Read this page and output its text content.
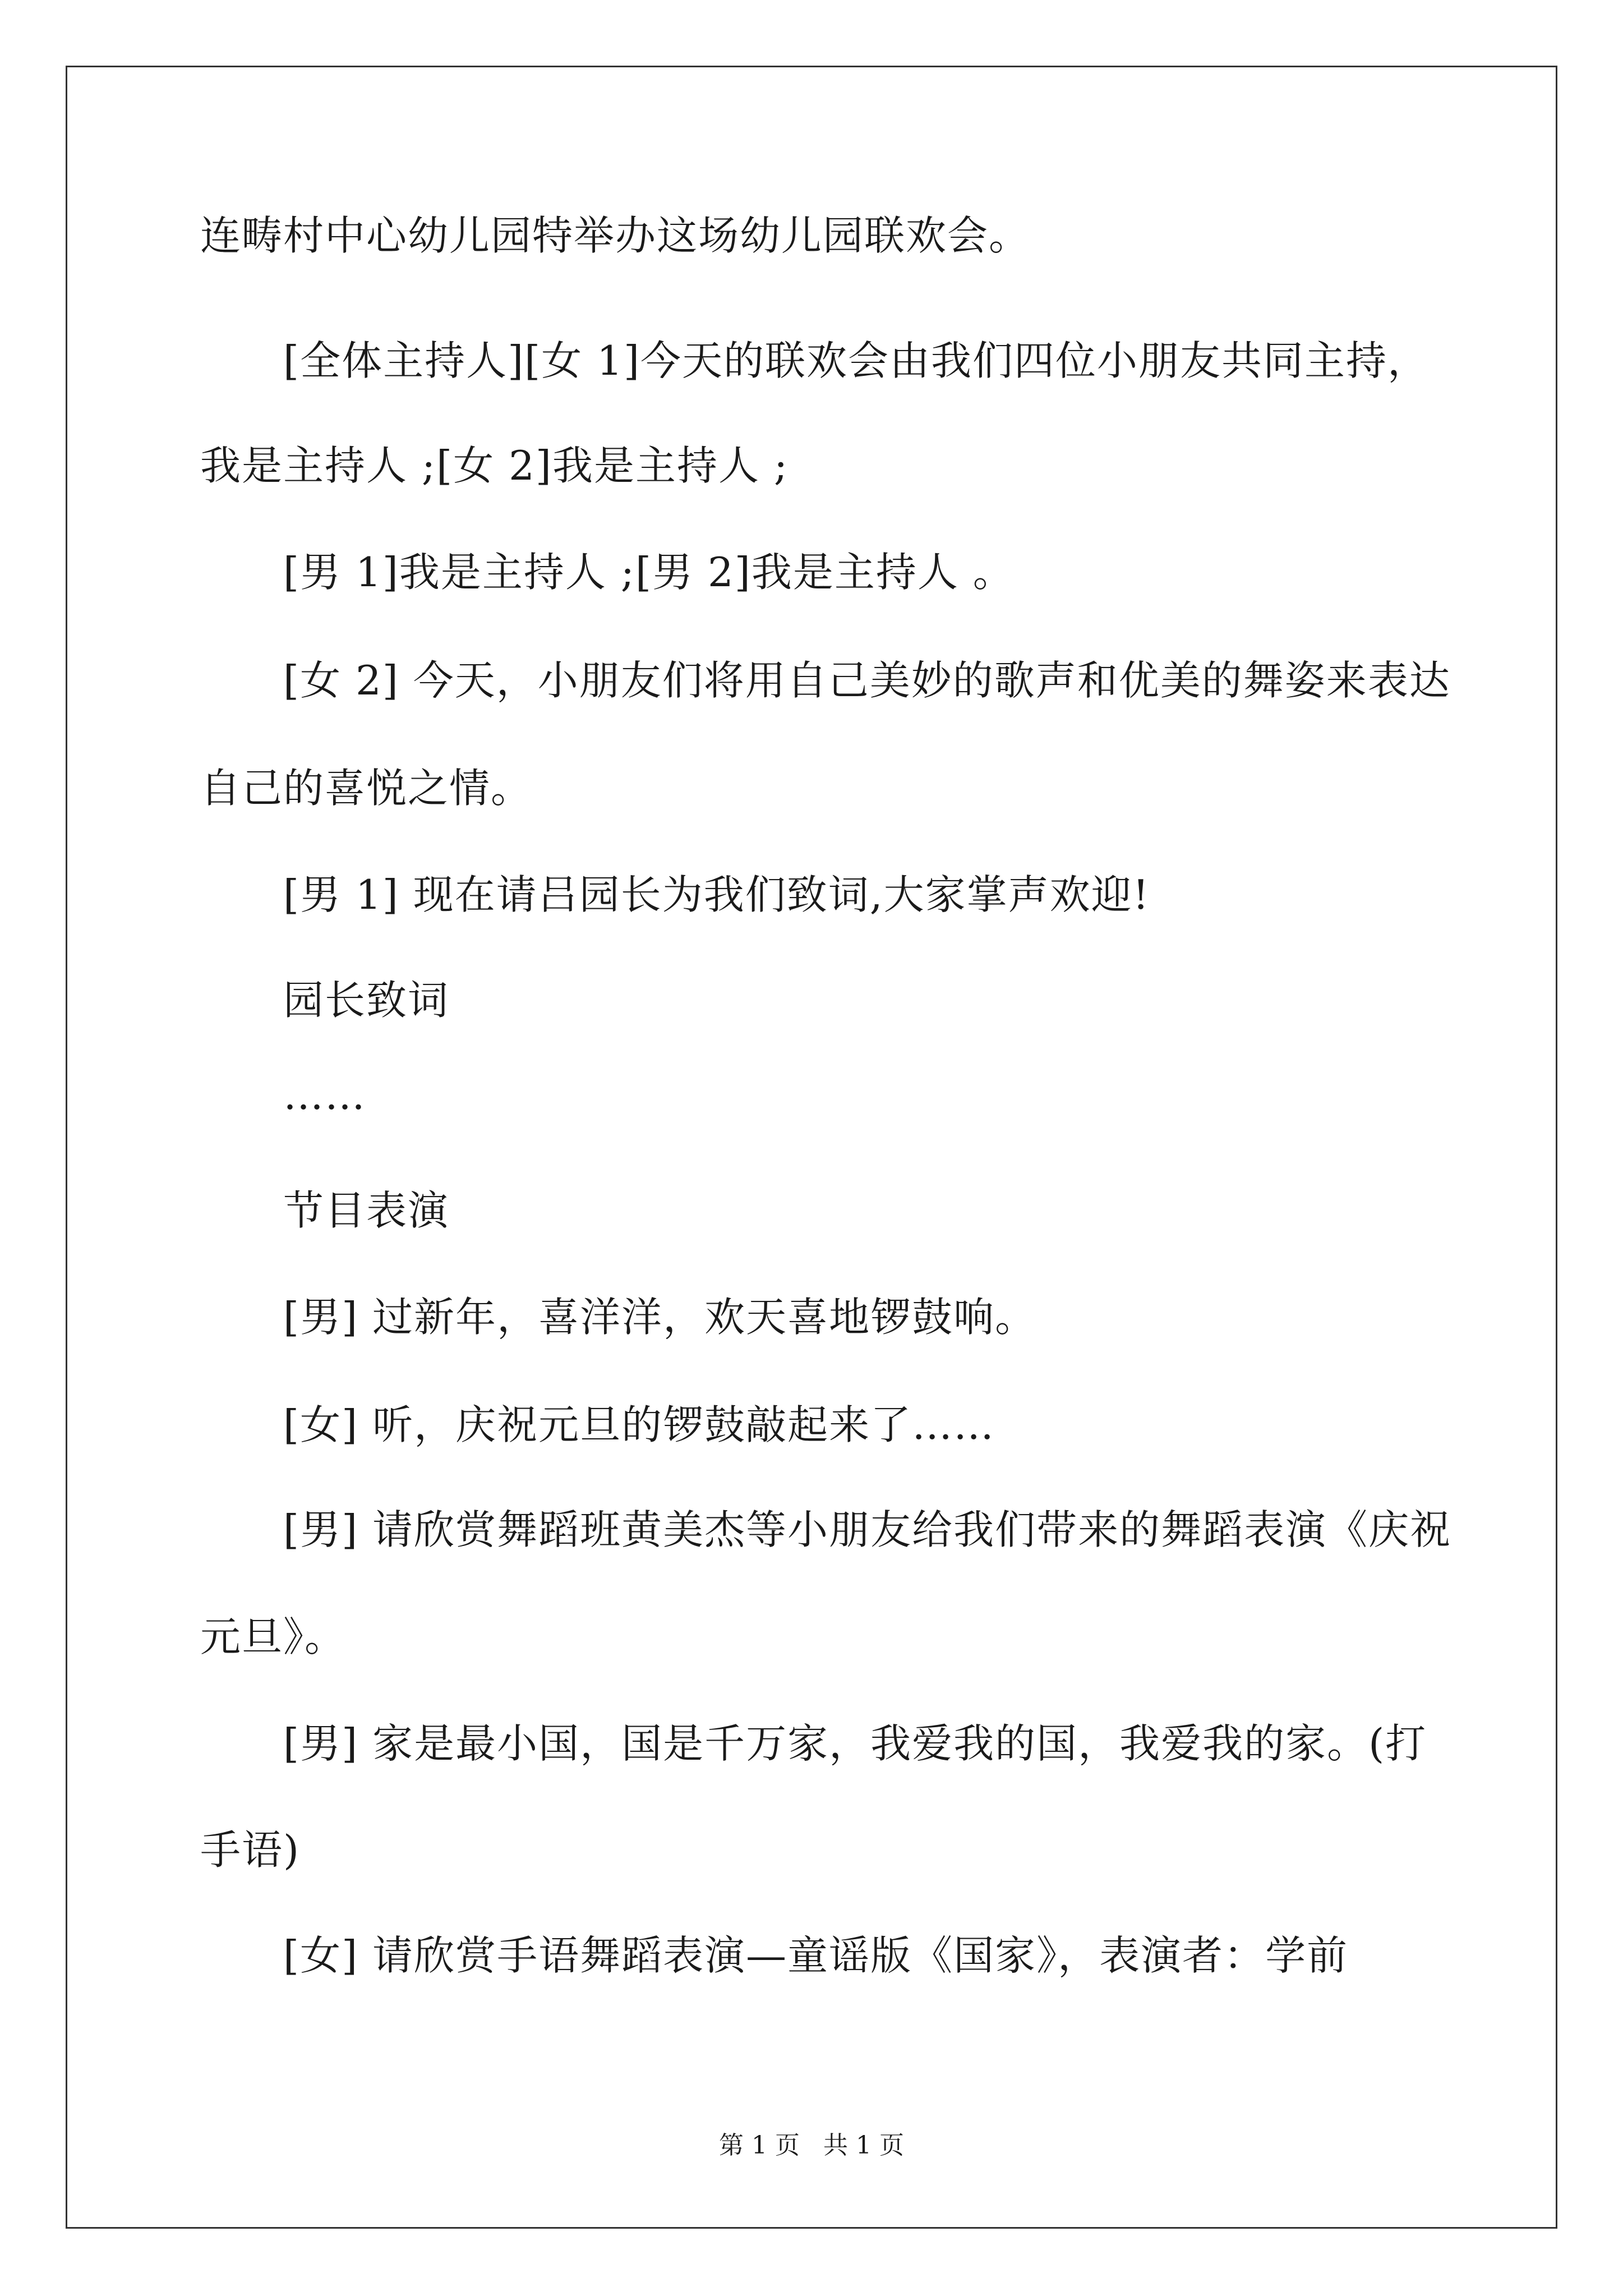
连畴村中心幼儿园特举办这场幼儿园联欢会。
[全体主持人][女 1]今天的联欢会由我们四位小朋友共同主持，
我是主持人 ;[女 2]我是主持人 ;
[男 1]我是主持人 ;[男 2]我是主持人 。
[女 2] 今天，小朋友们将用自己美妙的歌声和优美的舞姿来表达
自己的喜悦之情。
[男 1] 现在请吕园长为我们致词,大家掌声欢迎!
园长致词
……
节目表演
[男] 过新年，喜洋洋，欢天喜地锣鼓响。
[女] 听，庆祝元旦的锣鼓敲起来了……
[男] 请欣赏舞蹈班黄美杰等小朋友给我们带来的舞蹈表演《庆祝
元旦》。
[男] 家是最小国，国是千万家，我爱我的国，我爱我的家。(打
手语)
[女] 请欣赏手语舞蹈表演—童谣版《国家》，表演者：学前
第 1 页 共 1 页
